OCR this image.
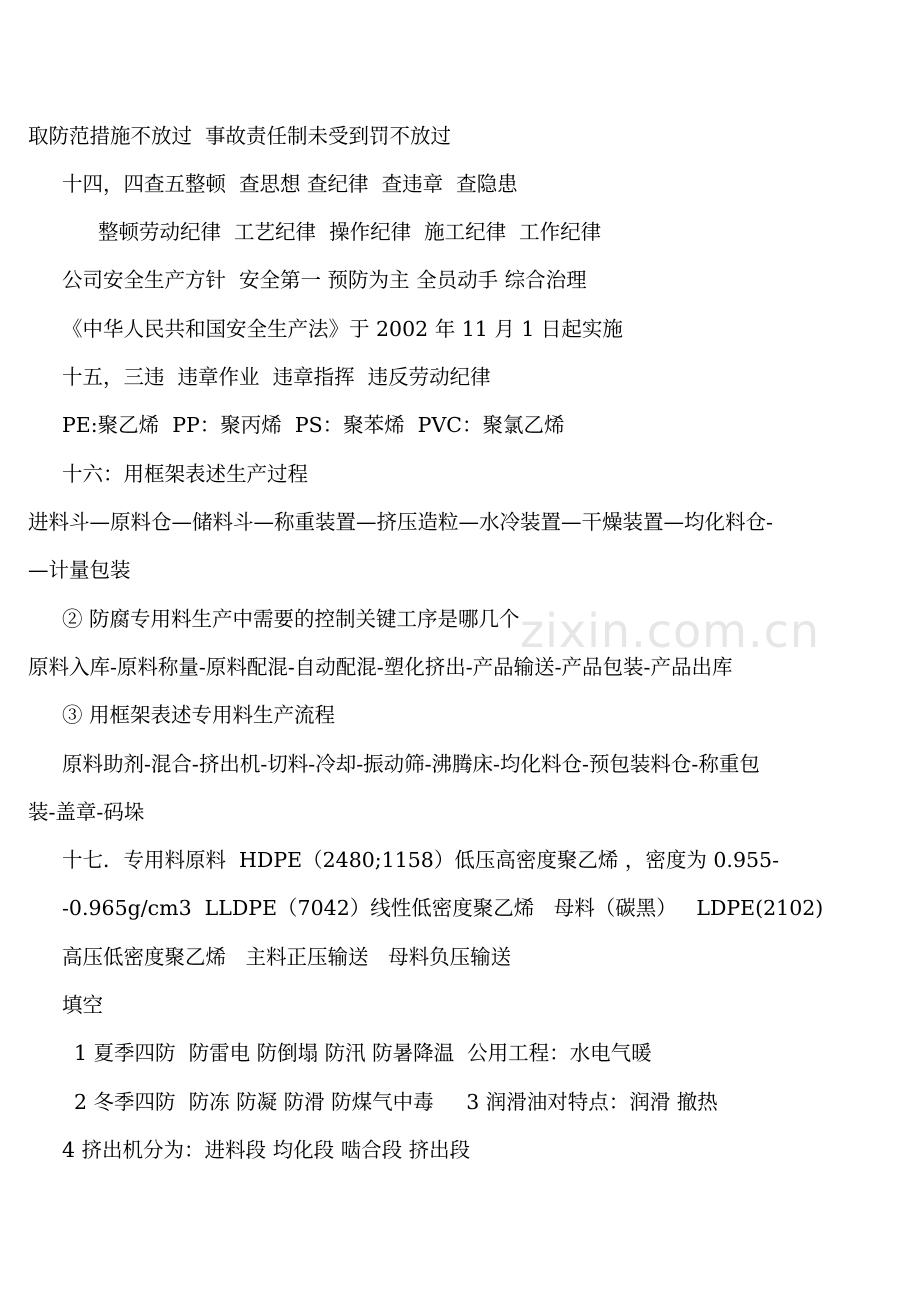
zixin.com.cn
取防范措施不放过  事故责任制未受到罚不放过
十四，四查五整顿  查思想 查纪律  查违章  查隐患
整顿劳动纪律  工艺纪律  操作纪律  施工纪律  工作纪律
公司安全生产方针  安全第一 预防为主 全员动手 综合治理
《中华人民共和国安全生产法》于 2002 年 11 月 1 日起实施
十五，三违  违章作业  违章指挥  违反劳动纪律
PE:聚乙烯  PP：聚丙烯  PS：聚苯烯  PVC：聚氯乙烯
十六：用框架表述生产过程
进料斗—原料仓—储料斗—称重装置—挤压造粒—水冷装置—干燥装置—均化料仓-
—计量包装
② 防腐专用料生产中需要的控制关键工序是哪几个
原料入库-原料称量-原料配混-自动配混-塑化挤出-产品输送-产品包装-产品出库
③ 用框架表述专用料生产流程
原料助剂-混合-挤出机-切料-冷却-振动筛-沸腾床-均化料仓-预包装料仓-称重包
装-盖章-码垛
十七．专用料原料  HDPE（2480;1158）低压高密度聚乙烯 ，密度为 0.955-
-0.965g/cm3  LLDPE（7042）线性低密度聚乙烯   母料（碳黑）   LDPE(2102)
高压低密度聚乙烯   主料正压输送   母料负压输送
填空
1 夏季四防  防雷电 防倒塌 防汛 防暑降温  公用工程：水电气暖
2 冬季四防  防冻 防凝 防滑 防煤气中毒     3 润滑油对特点：润滑 撤热
4 挤出机分为：进料段 均化段 啮合段 挤出段
